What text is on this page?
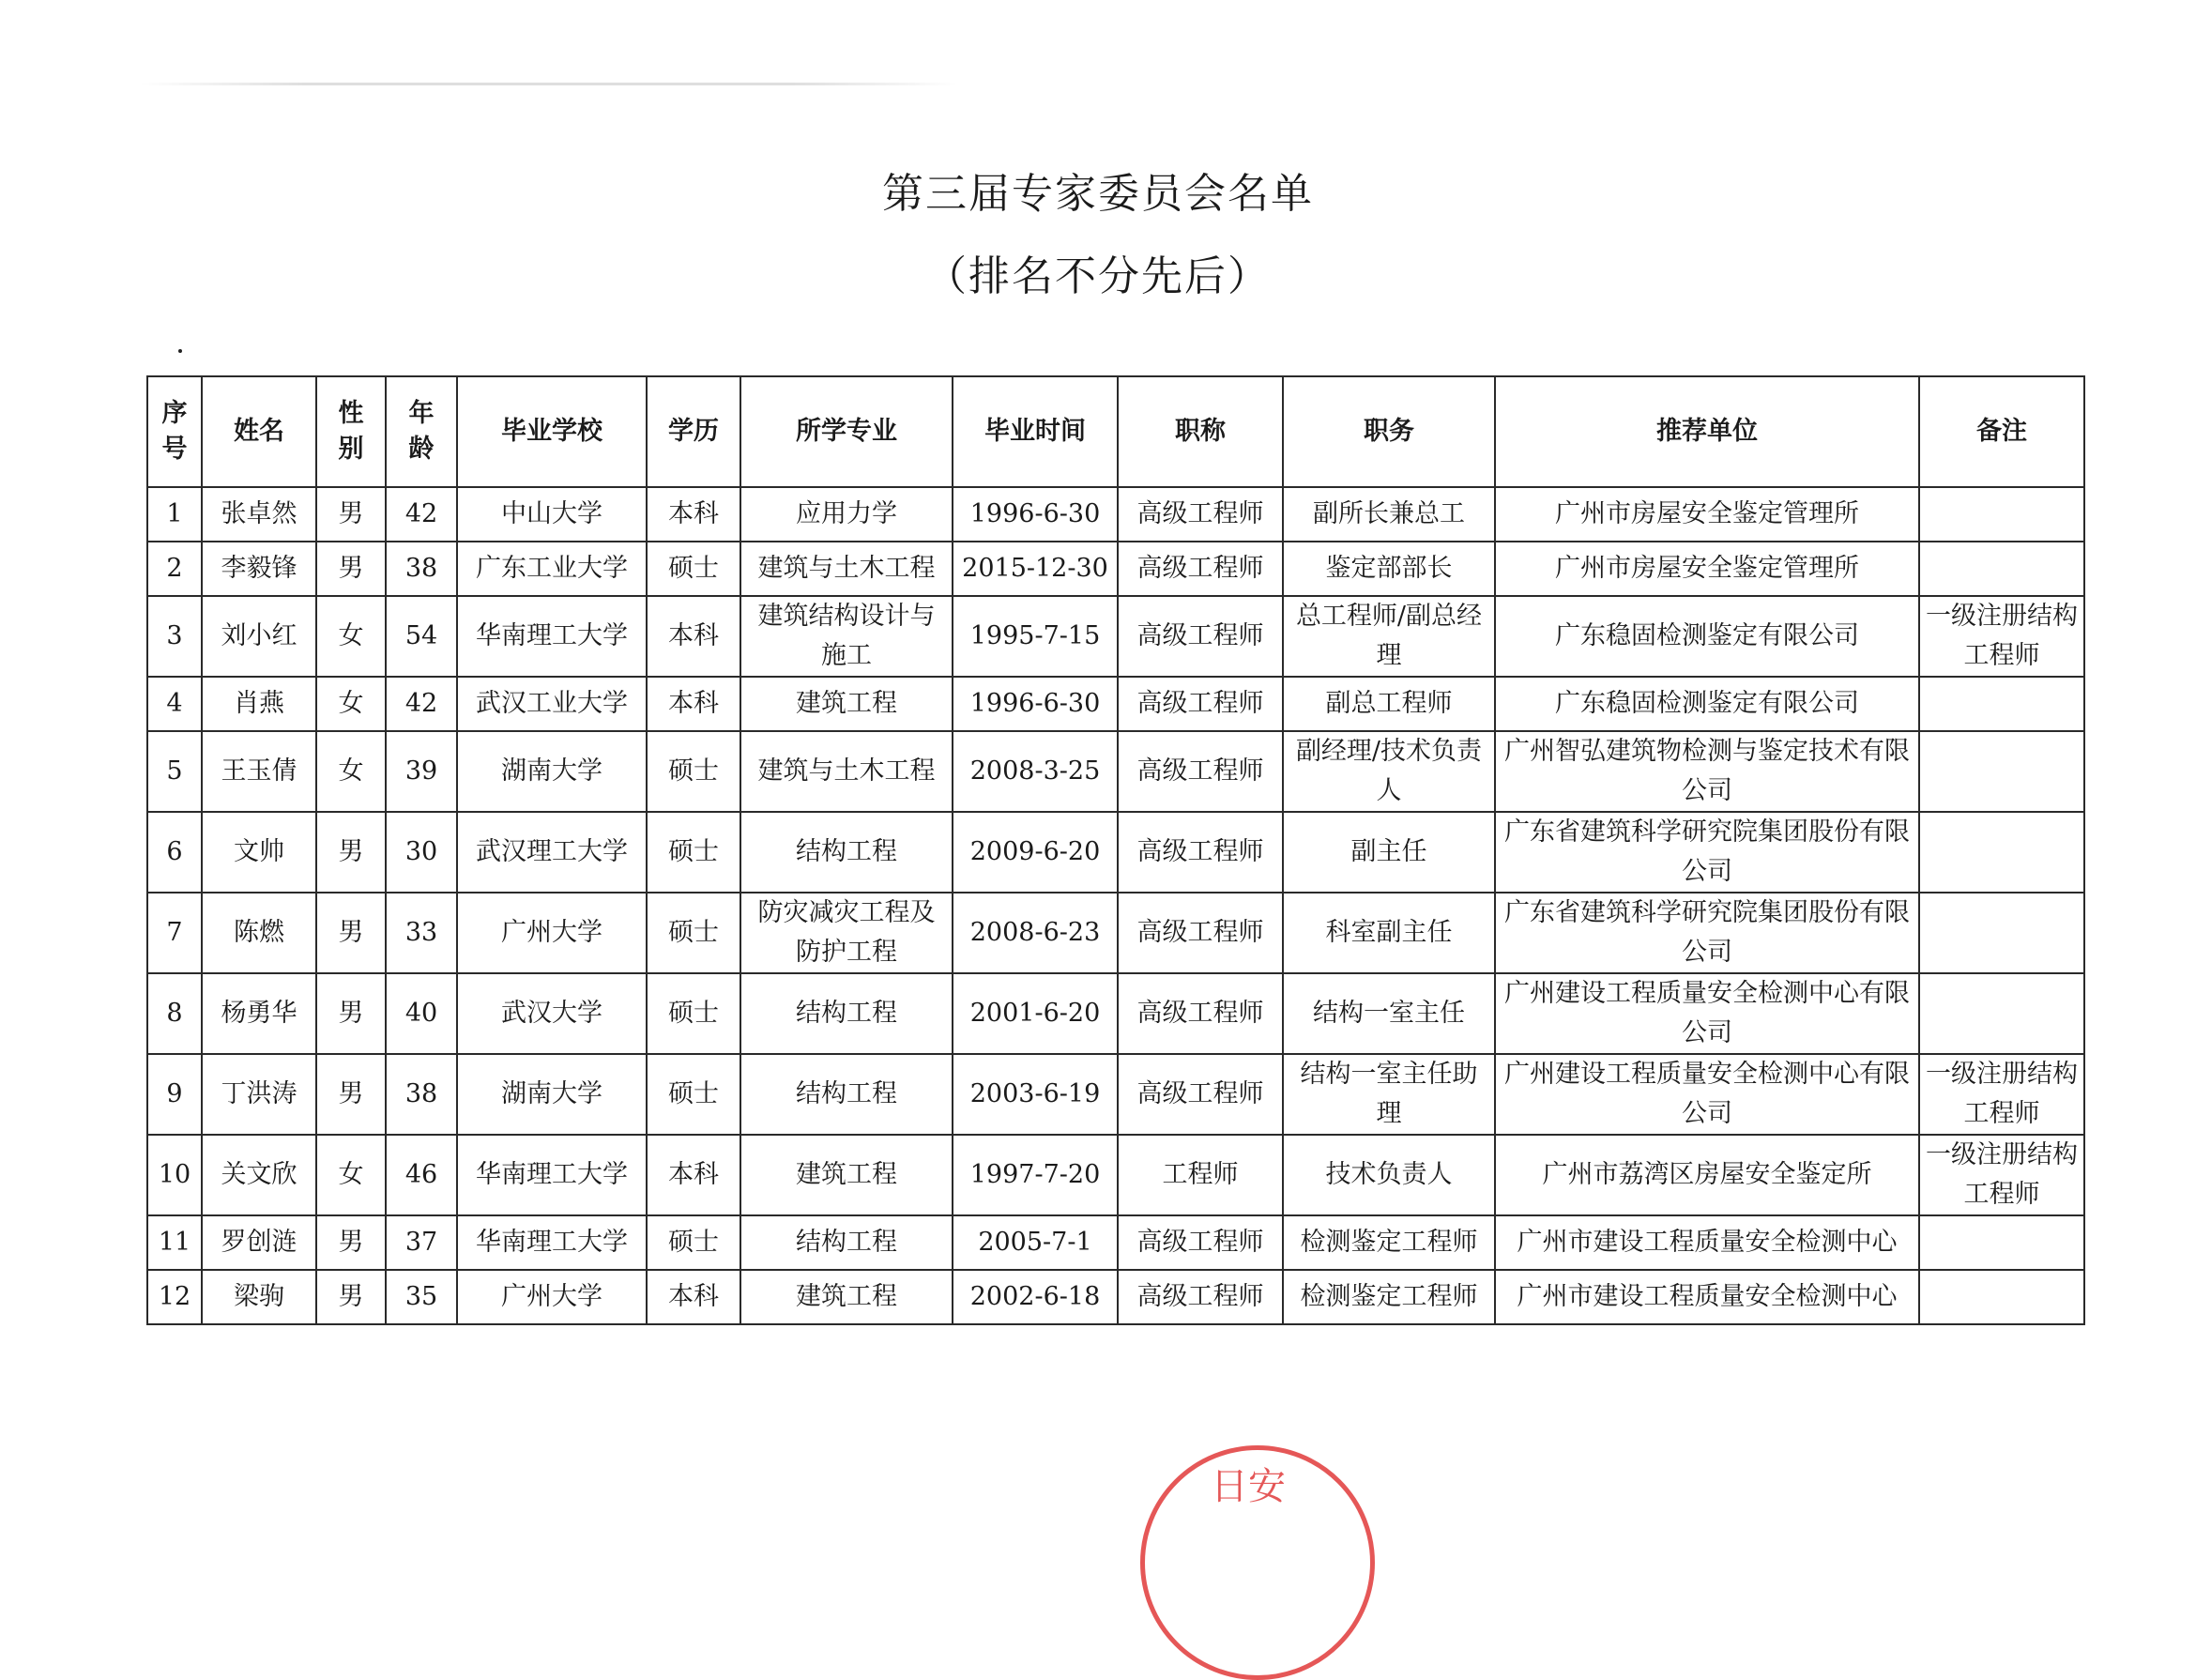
第三届专家委员会名单
（排名不分先后）
序号	姓名	性别	年龄	毕业学校	学历	所学专业	毕业时间	职称	职务	推荐单位	备注
1	张卓然	男	42	中山大学	本科	应用力学	1996-6-30	高级工程师	副所长兼总工	广州市房屋安全鉴定管理所	
2	李毅锋	男	38	广东工业大学	硕士	建筑与土木工程	2015-12-30	高级工程师	鉴定部部长	广州市房屋安全鉴定管理所	
3	刘小红	女	54	华南理工大学	本科	建筑结构设计与施工	1995-7-15	高级工程师	总工程师/副总经理	广东稳固检测鉴定有限公司	一级注册结构工程师
4	肖燕	女	42	武汉工业大学	本科	建筑工程	1996-6-30	高级工程师	副总工程师	广东稳固检测鉴定有限公司	
5	王玉倩	女	39	湖南大学	硕士	建筑与土木工程	2008-3-25	高级工程师	副经理/技术负责人	广州智弘建筑物检测与鉴定技术有限公司	
6	文帅	男	30	武汉理工大学	硕士	结构工程	2009-6-20	高级工程师	副主任	广东省建筑科学研究院集团股份有限公司	
7	陈燃	男	33	广州大学	硕士	防灾减灾工程及防护工程	2008-6-23	高级工程师	科室副主任	广东省建筑科学研究院集团股份有限公司	
8	杨勇华	男	40	武汉大学	硕士	结构工程	2001-6-20	高级工程师	结构一室主任	广州建设工程质量安全检测中心有限公司	
9	丁洪涛	男	38	湖南大学	硕士	结构工程	2003-6-19	高级工程师	结构一室主任助理	广州建设工程质量安全检测中心有限公司	一级注册结构工程师
10	关文欣	女	46	华南理工大学	本科	建筑工程	1997-7-20	工程师	技术负责人	广州市荔湾区房屋安全鉴定所	一级注册结构工程师
11	罗创涟	男	37	华南理工大学	硕士	结构工程	2005-7-1	高级工程师	检测鉴定工程师	广州市建设工程质量安全检测中心	
12	梁驹	男	35	广州大学	本科	建筑工程	2002-6-18	高级工程师	检测鉴定工程师	广州市建设工程质量安全检测中心	
日安
